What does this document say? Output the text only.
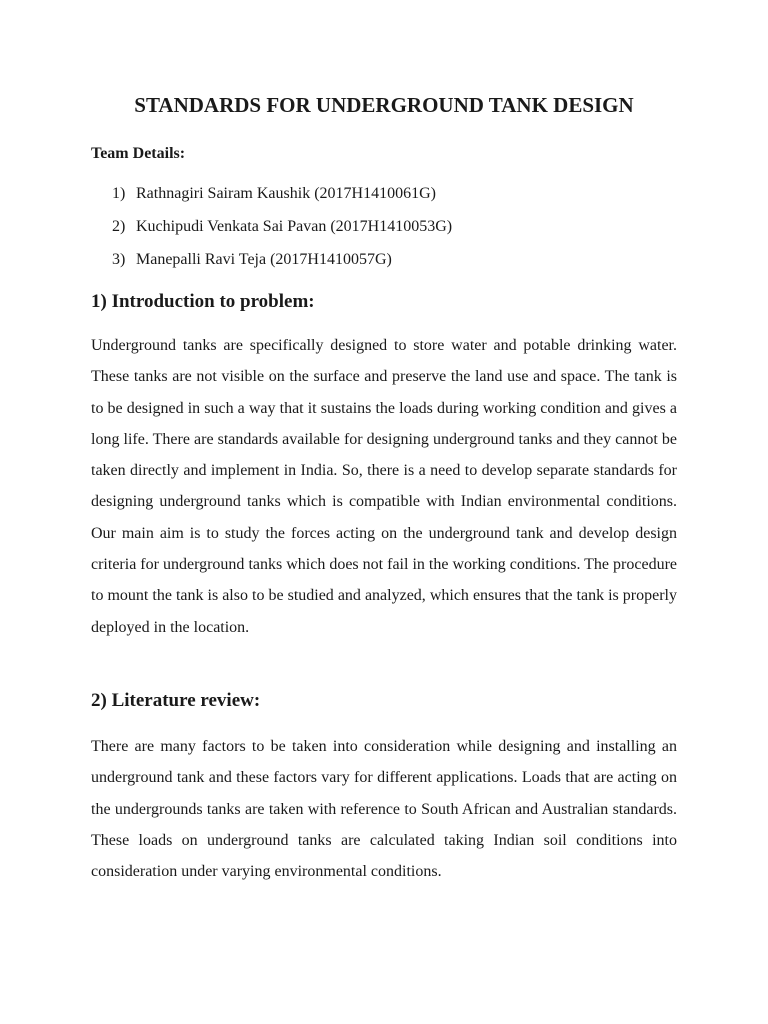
STANDARDS FOR UNDERGROUND TANK DESIGN
Team Details:
1) Rathnagiri Sairam Kaushik (2017H1410061G)
2) Kuchipudi Venkata Sai Pavan (2017H1410053G)
3) Manepalli Ravi Teja (2017H1410057G)
1) Introduction to problem:

Underground tanks are specifically designed to store water and potable drinking water. These tanks are not visible on the surface and preserve the land use and space. The tank is to be designed in such a way that it sustains the loads during working condition and gives a long life. There are standards available for designing underground tanks and they cannot be taken directly and implement in India. So, there is a need to develop separate standards for designing underground tanks which is compatible with Indian environmental conditions. Our main aim is to study the forces acting on the underground tank and develop design criteria for underground tanks which does not fail in the working conditions. The procedure to mount the tank is also to be studied and analyzed, which ensures that the tank is properly deployed in the location.

2) Literature review:

There are many factors to be taken into consideration while designing and installing an underground tank and these factors vary for different applications. Loads that are acting on the undergrounds tanks are taken with reference to South African and Australian standards. These loads on underground tanks are calculated taking Indian soil conditions into consideration under varying environmental conditions.
